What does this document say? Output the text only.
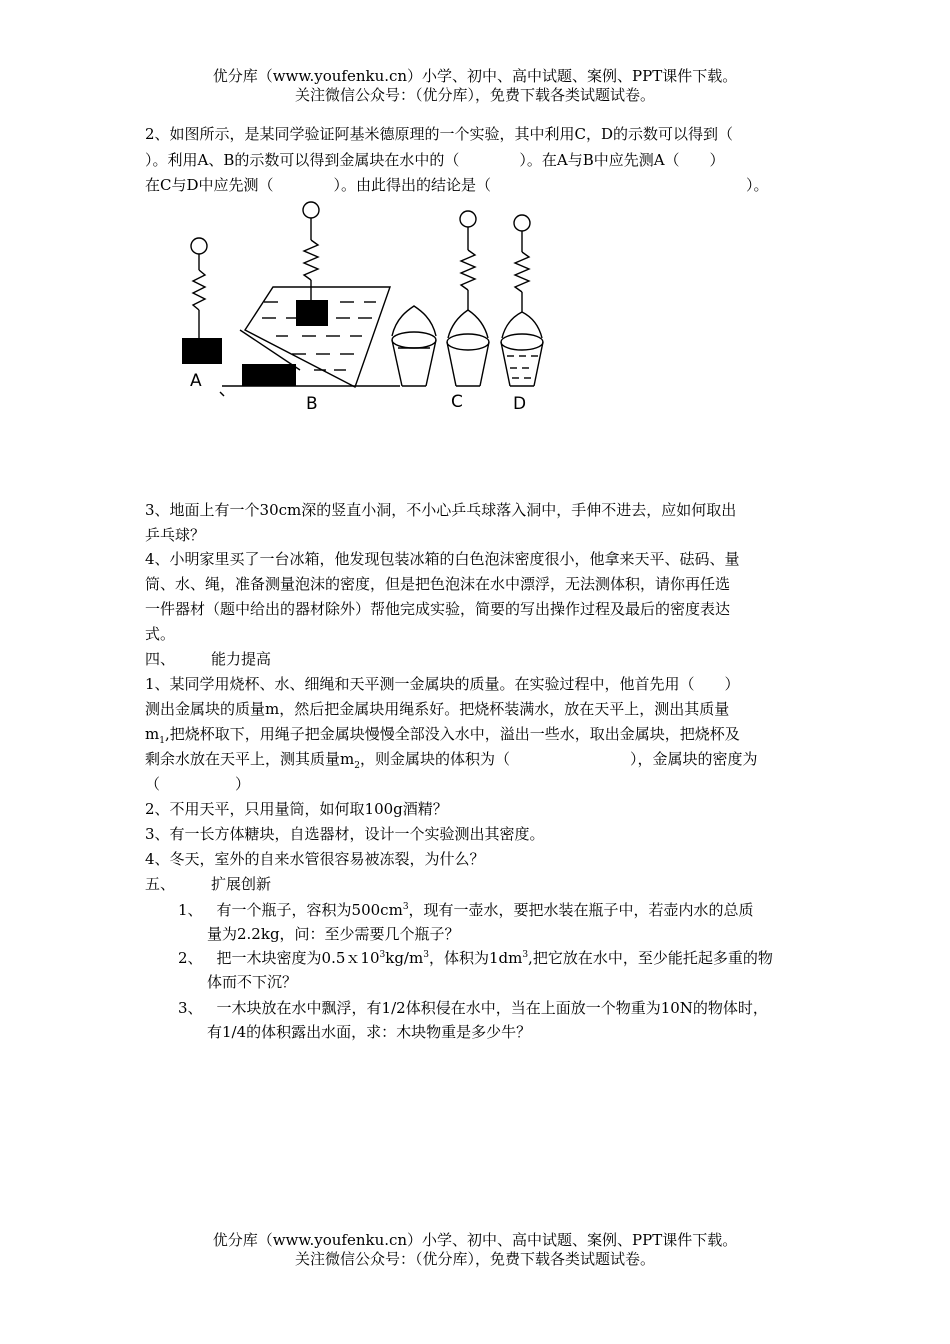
优分库（www.youfenku.cn）小学、初中、高中试题、案例、PPT课件下载。
关注微信公众号：（优分库），免费下载各类试题试卷。
2、如图所示，是某同学验证阿基米德原理的一个实验，其中利用C，D的示数可以得到（
）。利用A、B的示数可以得到金属块在水中的（　　　　）。在A与B中应先测A（　　）
在C与D中应先测（　　　　）。由此得出的结论是（　　　　　　　　　　　　　　　　　）。
A
B	C	D
3、地面上有一个30cm深的竖直小洞，不小心乒乓球落入洞中，手伸不进去，应如何取出
乒乓球？
4、小明家里买了一台冰箱，他发现包装冰箱的白色泡沫密度很小，他拿来天平、砝码、量
筒、水、绳，准备测量泡沫的密度，但是把色泡沫在水中漂浮，无法测体积，请你再任选
一件器材（题中给出的器材除外）帮他完成实验，简要的写出操作过程及最后的密度表达
式。
四、 能力提高
1、某同学用烧杯、水、细绳和天平测一金属块的质量。在实验过程中，他首先用（　　）
测出金属块的质量m，然后把金属块用绳系好。把烧杯装满水，放在天平上，测出其质量
$m_1$,把烧杯取下，用绳子把金属块慢慢全部没入水中，溢出一些水，取出金属块，把烧杯及
剩余水放在天平上，测其质量$m_2$，则金属块的体积为（　　　　　　　　），金属块的密度为
（　　　　　）
2、不用天平，只用量筒，如何取100g酒精？
3、有一长方体糖块，自选器材，设计一个实验测出其密度。
4、冬天，室外的自来水管很容易被冻裂，为什么？
五、 扩展创新
1、 有一个瓶子，容积为$500cm^3$，现有一壶水，要把水装在瓶子中，若壶内水的总质
量为2.2kg，问：至少需要几个瓶子？
2、 把一木块密度为$0.5x10^3kg/m^3$，体积为$1dm^3$,把它放在水中，至少能托起多重的物
体而不下沉？
3、 一木块放在水中飘浮，有1/2体积侵在水中，当在上面放一个物重为10N的物体时，
有1/4的体积露出水面，求：木块物重是多少牛？
优分库（www.youfenku.cn）小学、初中、高中试题、案例、PPT课件下载。
关注微信公众号：（优分库），免费下载各类试题试卷。
